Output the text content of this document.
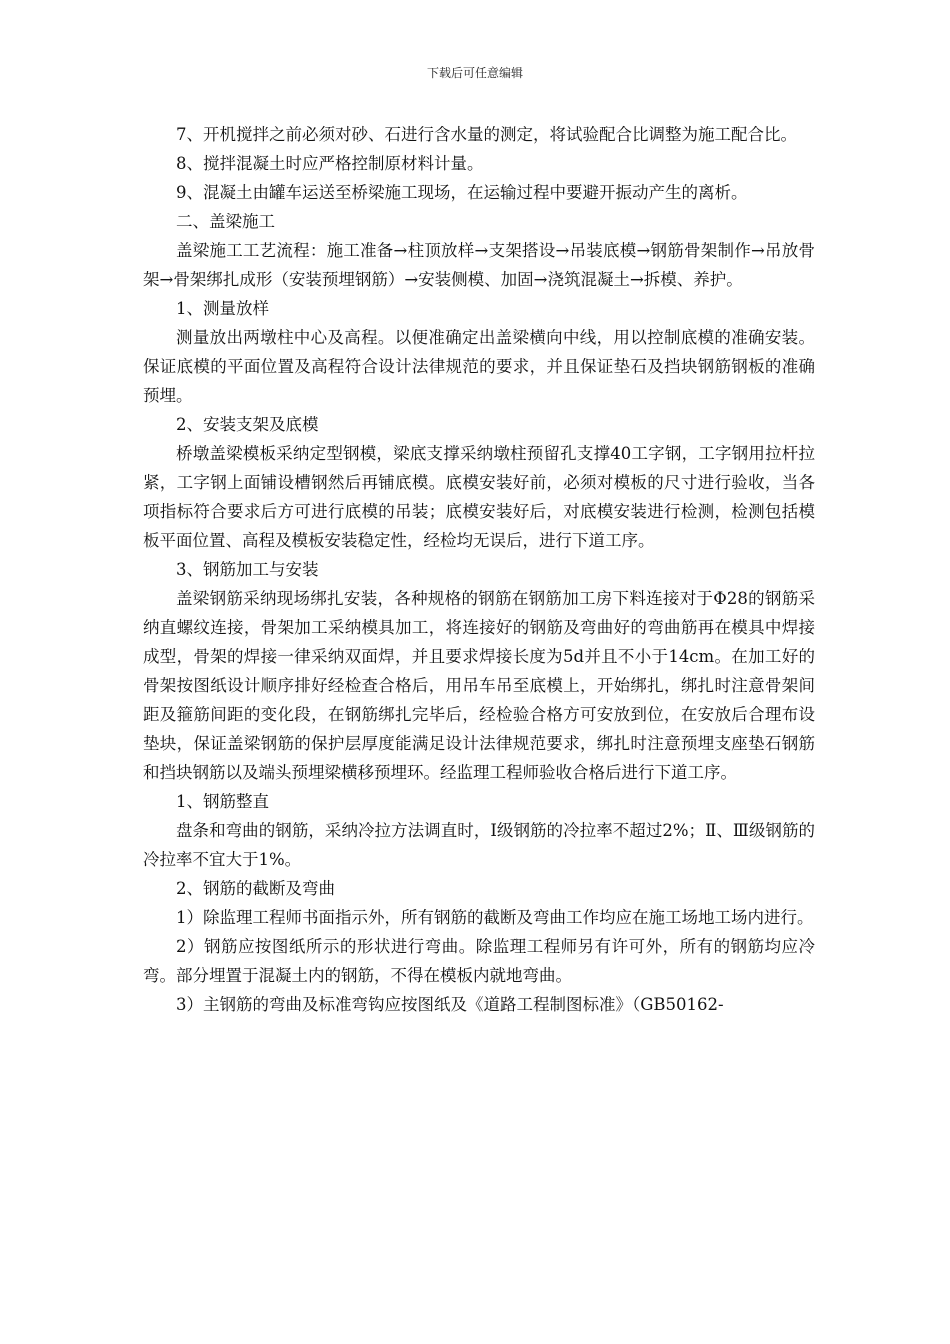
下载后可任意编辑

7、开机搅拌之前必须对砂、石进行含水量的测定，将试验配合比调整为施工配合比。

8、搅拌混凝土时应严格控制原材料计量。

9、混凝土由罐车运送至桥梁施工现场，在运输过程中要避开振动产生的离析。

二、盖梁施工

盖梁施工工艺流程：施工准备→柱顶放样→支架搭设→吊装底模→钢筋骨架制作→吊放骨架→骨架绑扎成形（安装预埋钢筋）→安装侧模、加固→浇筑混凝土→拆模、养护。

1、测量放样

测量放出两墩柱中心及高程。以便准确定出盖梁横向中线，用以控制底模的准确安装。保证底模的平面位置及高程符合设计法律规范的要求，并且保证垫石及挡块钢筋钢板的准确预埋。

2、安装支架及底模

桥墩盖梁模板采纳定型钢模，梁底支撑采纳墩柱预留孔支撑40工字钢，工字钢用拉杆拉紧，工字钢上面铺设槽钢然后再铺底模。底模安装好前，必须对模板的尺寸进行验收，当各项指标符合要求后方可进行底模的吊装；底模安装好后，对底模安装进行检测，检测包括模板平面位置、高程及模板安装稳定性，经检均无误后，进行下道工序。

3、钢筋加工与安装

盖梁钢筋采纳现场绑扎安装，各种规格的钢筋在钢筋加工房下料连接对于Φ28的钢筋采纳直螺纹连接，骨架加工采纳模具加工，将连接好的钢筋及弯曲好的弯曲筋再在模具中焊接成型，骨架的焊接一律采纳双面焊，并且要求焊接长度为5d并且不小于14cm。在加工好的骨架按图纸设计顺序排好经检查合格后，用吊车吊至底模上，开始绑扎，绑扎时注意骨架间距及箍筋间距的变化段，在钢筋绑扎完毕后，经检验合格方可安放到位，在安放后合理布设垫块，保证盖梁钢筋的保护层厚度能满足设计法律规范要求，绑扎时注意预埋支座垫石钢筋和挡块钢筋以及端头预埋梁横移预埋环。经监理工程师验收合格后进行下道工序。

1、钢筋整直

盘条和弯曲的钢筋，采纳冷拉方法调直时，Ⅰ级钢筋的冷拉率不超过2%；Ⅱ、Ⅲ级钢筋的冷拉率不宜大于1%。

2、钢筋的截断及弯曲

1）除监理工程师书面指示外，所有钢筋的截断及弯曲工作均应在施工场地工场内进行。

2）钢筋应按图纸所示的形状进行弯曲。除监理工程师另有许可外，所有的钢筋均应冷弯。部分埋置于混凝土内的钢筋，不得在模板内就地弯曲。

3）主钢筋的弯曲及标准弯钩应按图纸及《道路工程制图标准》（GB50162-
